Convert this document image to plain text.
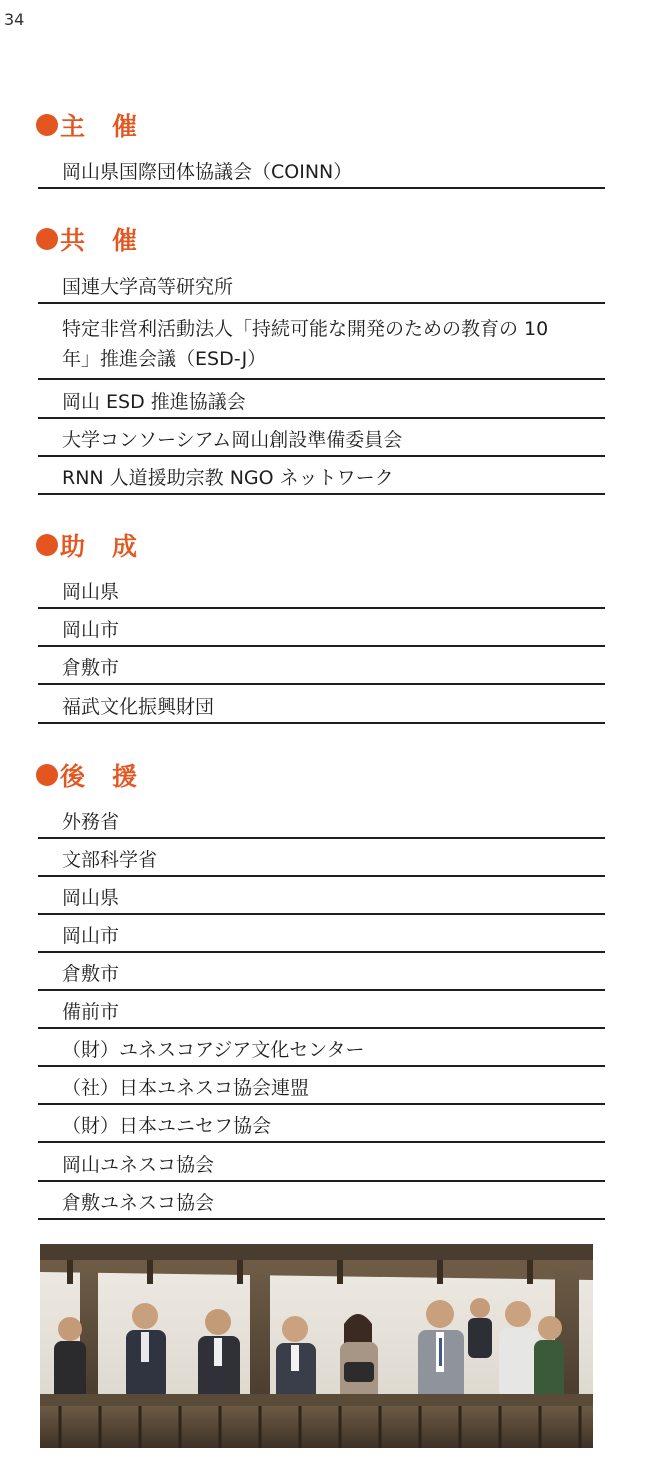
34
主　催
岡山県国際団体協議会（COINN）
共　催
国連大学高等研究所
特定非営利活動法人「持続可能な開発のための教育の 10 年」推進会議（ESD-J）
岡山 ESD 推進協議会
大学コンソーシアム岡山創設準備委員会
RNN 人道援助宗教 NGO ネットワーク
助　成
岡山県
岡山市
倉敷市
福武文化振興財団
後　援
外務省
文部科学省
岡山県
岡山市
倉敷市
備前市
（財）ユネスコアジア文化センター
（社）日本ユネスコ協会連盟
（財）日本ユニセフ協会
岡山ユネスコ協会
倉敷ユネスコ協会
